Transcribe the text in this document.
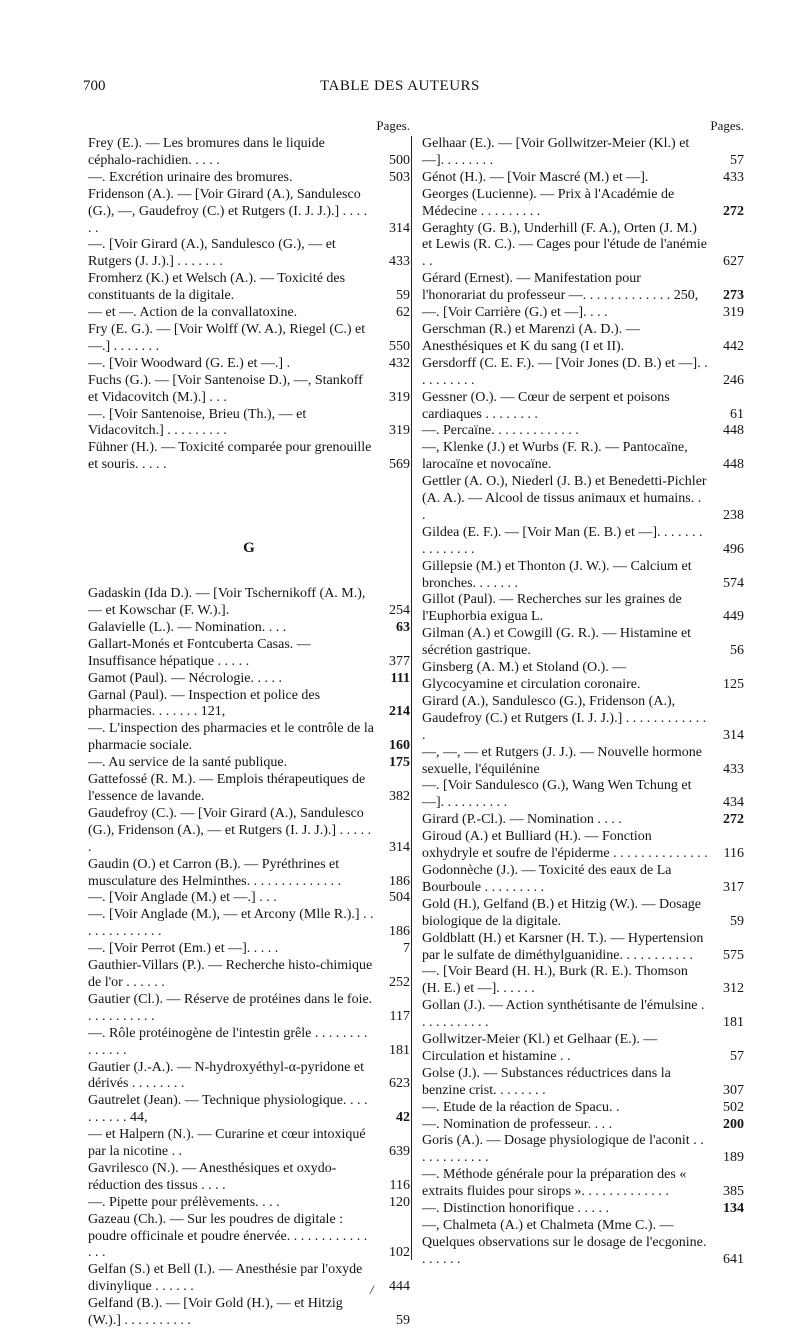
700	TABLE DES AUTEURS
Pages.
Frey (E.). — Les bromures dans le liquide céphalo-rachidien. . . . .	500
—. Excrétion urinaire des bromures.	503
Fridenson (A.). — [Voir Girard (A.), Sandulesco (G.), —, Gaudefroy (C.) et Rutgers (I. J. J.).] . . . . . .	314
—. [Voir Girard (A.), Sandulesco (G.), — et Rutgers (J. J.).] . . . . . . .	433
Fromherz (K.) et Welsch (A.). — Toxicité des constituants de la digitale.	59
— et —. Action de la convallatoxine.	62
Fry (E. G.). — [Voir Wolff (W. A.), Riegel (C.) et —.] . . . . . . .	550
—. [Voir Woodward (G. E.) et —.] .	432
Fuchs (G.). — [Voir Santenoise D.), —, Stankoff et Vidacovitch (M.).] . . .	319
—. [Voir Santenoise, Brieu (Th.), — et Vidacovitch.] . . . . . . . . .	319
Fühner (H.). — Toxicité comparée pour grenouille et souris. . . . .	569
G
Gadaskin (Ida D.). — [Voir Tschernikoff (A. M.), — et Kowschar (F. W.).].	254
Galavielle (L.). — Nomination. . . .	63
Gallart-Monés et Fontcuberta Casas. — Insuffisance hépatique . . . . .	377
Gamot (Paul). — Nécrologie. . . . .	111
Garnal (Paul). — Inspection et police des pharmacies. . . . . . . 121,	214
—. L'inspection des pharmacies et le contrôle de la pharmacie sociale.	160
—. Au service de la santé publique.	175
Gattefossé (R. M.). — Emplois thérapeutiques de l'essence de lavande.	382
Gaudefroy (C.). — [Voir Girard (A.), Sandulesco (G.), Fridenson (A.), — et Rutgers (I. J. J.).] . . . . . .	314
Gaudin (O.) et Carron (B.). — Pyréthrines et musculature des Helminthes. . . . . . . . . . . . . .	186
—. [Voir Anglade (M.) et —.] . . .	504
—. [Voir Anglade (M.), — et Arcony (Mlle R.).] . . . . . . . . . . . . .	186
—. [Voir Perrot (Em.) et —]. . . . .	7
Gauthier-Villars (P.). — Recherche histo-chimique de l'or . . . . . .	252
Gautier (Cl.). — Réserve de protéines dans le foie. . . . . . . . . . .	117
—. Rôle protéinogène de l'intestin grêle . . . . . . . . . . . . . .	181
Gautier (J.-A.). — N-hydroxyéthyl-α-pyridone et dérivés . . . . . . . .	623
Gautrelet (Jean). — Technique physiologique. . . . . . . . . . 44,	42
— et Halpern (N.). — Curarine et cœur intoxiqué par la nicotine . .	639
Gavrilesco (N.). — Anesthésiques et oxydo-réduction des tissus . . . .	116
—. Pipette pour prélèvements. . . .	120
Gazeau (Ch.). — Sur les poudres de digitale : poudre officinale et poudre énervée. . . . . . . . . . . . . . .	102
Gelfan (S.) et Bell (I.). — Anesthésie par l'oxyde divinylique . . . . . .	444
Gelfand (B.). — [Voir Gold (H.), — et Hitzig (W.).] . . . . . . . . . .	59
Pages.
Gelhaar (E.). — [Voir Gollwitzer-Meier (Kl.) et —]. . . . . . . .	57
Génot (H.). — [Voir Mascré (M.) et —].	433
Georges (Lucienne). — Prix à l'Académie de Médecine . . . . . . . . .	272
Geraghty (G. B.), Underhill (F. A.), Orten (J. M.) et Lewis (R. C.). — Cages pour l'étude de l'anémie . .	627
Gérard (Ernest). — Manifestation pour l'honorariat du professeur —. . . . . . . . . . . . . 250,	273
—. [Voir Carrière (G.) et —]. . . .	319
Gerschman (R.) et Marenzi (A. D.). — Anesthésiques et K du sang (I et II).	442
Gersdorff (C. E. F.). — [Voir Jones (D. B.) et —]. . . . . . . . . .	246
Gessner (O.). — Cœur de serpent et poisons cardiaques . . . . . . . .	61
—. Percaïne. . . . . . . . . . . . .	448
—, Klenke (J.) et Wurbs (F. R.). — Pantocaïne, larocaïne et novocaïne.	448
Gettler (A. O.), Niederl (J. B.) et Benedetti-Pichler (A. A.). — Alcool de tissus animaux et humains. . .	238
Gildea (E. F.). — [Voir Man (E. B.) et —]. . . . . . . . . . . . . . .	496
Gillepsie (M.) et Thonton (J. W.). — Calcium et bronches. . . . . . .	574
Gillot (Paul). — Recherches sur les graines de l'Euphorbia exigua L.	449
Gilman (A.) et Cowgill (G. R.). — Histamine et sécrétion gastrique.	56
Ginsberg (A. M.) et Stoland (O.). — Glycocyamine et circulation coronaire.	125
Girard (A.), Sandulesco (G.), Fridenson (A.), Gaudefroy (C.) et Rutgers (I. J. J.).] . . . . . . . . . . . . .	314
—, —, — et Rutgers (J. J.). — Nouvelle hormone sexuelle, l'équilénine	433
—. [Voir Sandulesco (G.), Wang Wen Tchung et —]. . . . . . . . . .	434
Girard (P.-Cl.). — Nomination . . . .	272
Giroud (A.) et Bulliard (H.). — Fonction oxhydryle et soufre de l'épiderme . . . . . . . . . . . . . . 116
Godonnèche (J.). — Toxicité des eaux de La Bourboule . . . . . . . . .	317
Gold (H.), Gelfand (B.) et Hitzig (W.). — Dosage biologique de la digitale.	59
Goldblatt (H.) et Karsner (H. T.). — Hypertension par le sulfate de diméthylguanidine. . . . . . . . . . .	575
—. [Voir Beard (H. H.), Burk (R. E.). Thomson (H. E.) et —]. . . . . .	312
Gollan (J.). — Action synthétisante de l'émulsine . . . . . . . . . . .	181
Gollwitzer-Meier (Kl.) et Gelhaar (E.). — Circulation et histamine . .	57
Golse (J.). — Substances réductrices dans la benzine crist. . . . . . . .	307
—. Etude de la réaction de Spacu. .	502
—. Nomination de professeur. . . .	200
Goris (A.). — Dosage physiologique de l'aconit . . . . . . . . . . . .	189
—. Méthode générale pour la préparation des « extraits fluides pour sirops ». . . . . . . . . . . . .	385
—. Distinction honorifique . . . . .	134
—, Chalmeta (A.) et Chalmeta (Mme C.). — Quelques observations sur le dosage de l'ecgonine. . . . . . .	641
/
